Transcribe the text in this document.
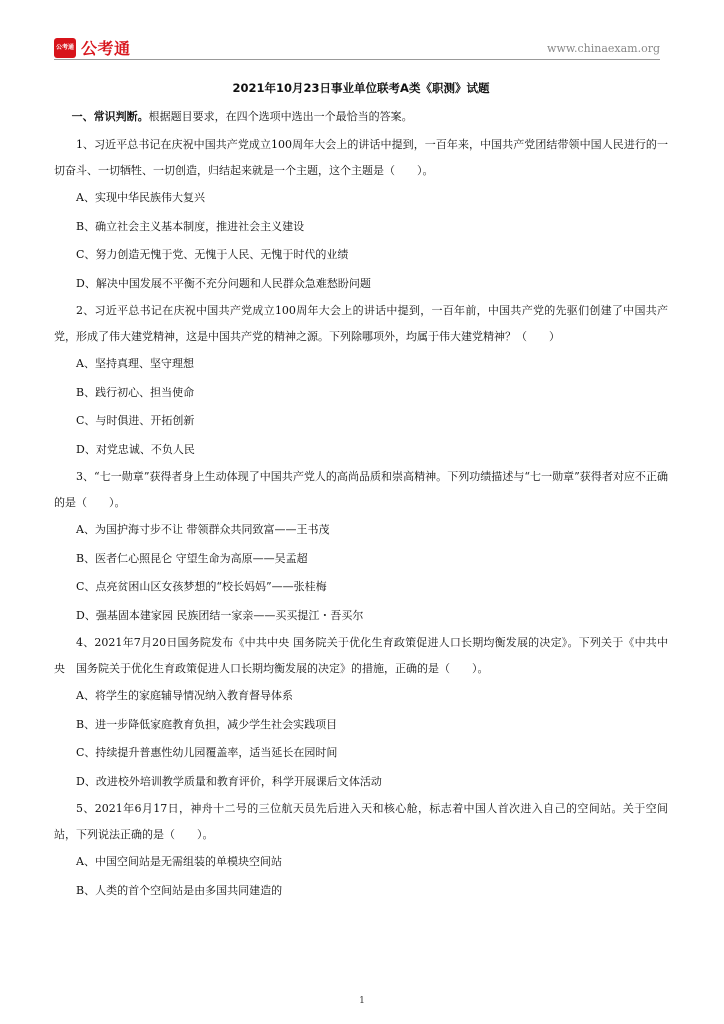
公考通 公考通	www.chinaexam.org
2021年10月23日事业单位联考A类《职测》试题

一、常识判断。根据题目要求，在四个选项中选出一个最恰当的答案。

1、习近平总书记在庆祝中国共产党成立100周年大会上的讲话中提到，一百年来，中国共产党团结带领中国人民进行的一切奋斗、一切牺牲、一切创造，归结起来就是一个主题，这个主题是（　　）。

A、实现中华民族伟大复兴

B、确立社会主义基本制度，推进社会主义建设

C、努力创造无愧于党、无愧于人民、无愧于时代的业绩

D、解决中国发展不平衡不充分问题和人民群众急难愁盼问题

2、习近平总书记在庆祝中国共产党成立100周年大会上的讲话中提到，一百年前，中国共产党的先驱们创建了中国共产党，形成了伟大建党精神，这是中国共产党的精神之源。下列除哪项外，均属于伟大建党精神？（　　）

A、坚持真理、坚守理想

B、践行初心、担当使命

C、与时俱进、开拓创新

D、对党忠诚、不负人民

3、“七一勋章”获得者身上生动体现了中国共产党人的高尚品质和崇高精神。下列功绩描述与“七一勋章”获得者对应不正确的是（　　）。

A、为国护海寸步不让 带领群众共同致富——王书茂

B、医者仁心照昆仑 守望生命为高原——吴孟超

C、点亮贫困山区女孩梦想的“校长妈妈”——张桂梅

D、强基固本建家园 民族团结一家亲——买买提江・吾买尔

4、2021年7月20日国务院发布《中共中央 国务院关于优化生育政策促进人口长期均衡发展的决定》。下列关于《中共中央　国务院关于优化生育政策促进人口长期均衡发展的决定》的措施，正确的是（　　）。

A、将学生的家庭辅导情况纳入教育督导体系

B、进一步降低家庭教育负担，减少学生社会实践项目

C、持续提升普惠性幼儿园覆盖率，适当延长在园时间

D、改进校外培训教学质量和教育评价，科学开展课后文体活动

5、2021年6月17日，神舟十二号的三位航天员先后进入天和核心舱，标志着中国人首次进入自己的空间站。关于空间站，下列说法正确的是（　　）。

A、中国空间站是无需组装的单模块空间站

B、人类的首个空间站是由多国共同建造的

1
